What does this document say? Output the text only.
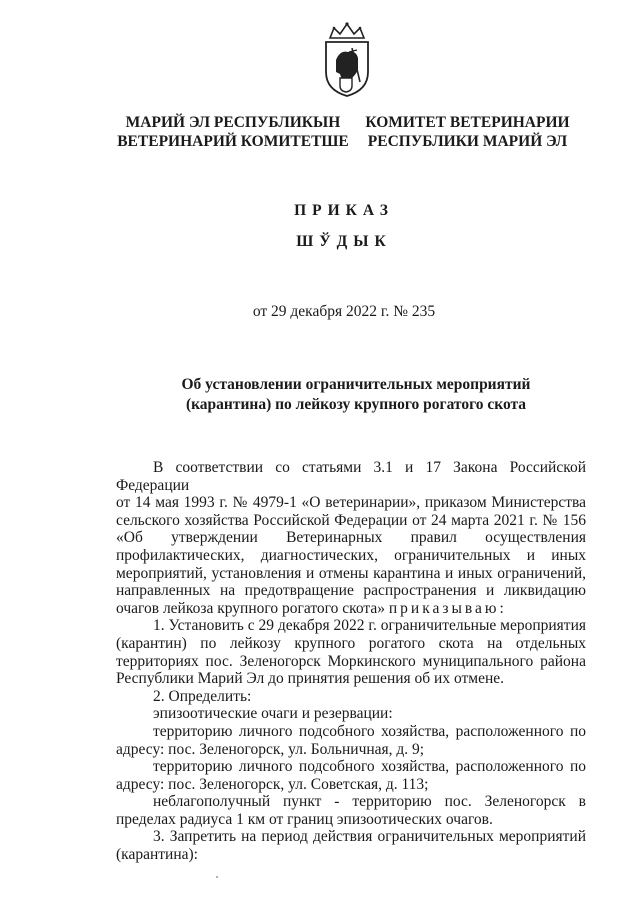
МАРИЙ ЭЛ РЕСПУБЛИКЫН
ВЕТЕРИНАРИЙ КОМИТЕТШЕ
КОМИТЕТ ВЕТЕРИНАРИИ
РЕСПУБЛИКИ МАРИЙ ЭЛ
ПРИКАЗ
ШЎДЫК
от 29 декабря 2022 г. № 235
Об установлении ограничительных мероприятий
(карантина) по лейкозу крупного рогатого скота
В соответствии со статьями 3.1 и 17 Закона Российской Федерации
от 14 мая 1993 г. № 4979-1 «О ветеринарии», приказом Министерства сельского хозяйства Российской Федерации от 24 марта 2021 г. № 156 «Об утверждении Ветеринарных правил осуществления профилактических, диагностических, ограничительных и иных мероприятий, установления и отмены карантина и иных ограничений, направленных на предотвращение распространения и ликвидацию очагов лейкоза крупного рогатого скота» приказываю:
1. Установить с 29 декабря 2022 г. ограничительные мероприятия (карантин) по лейкозу крупного рогатого скота на отдельных территориях пос. Зеленогорск Моркинского муниципального района Республики Марий Эл до принятия решения об их отмене.
2. Определить:
эпизоотические очаги и резервации:
территорию личного подсобного хозяйства, расположенного по адресу: пос. Зеленогорск, ул. Больничная, д. 9;
территорию личного подсобного хозяйства, расположенного по адресу: пос. Зеленогорск, ул. Советская, д. 113;
неблагополучный пункт - территорию пос. Зеленогорск в пределах радиуса 1 км от границ эпизоотических очагов.
3. Запретить на период действия ограничительных мероприятий (карантина):
